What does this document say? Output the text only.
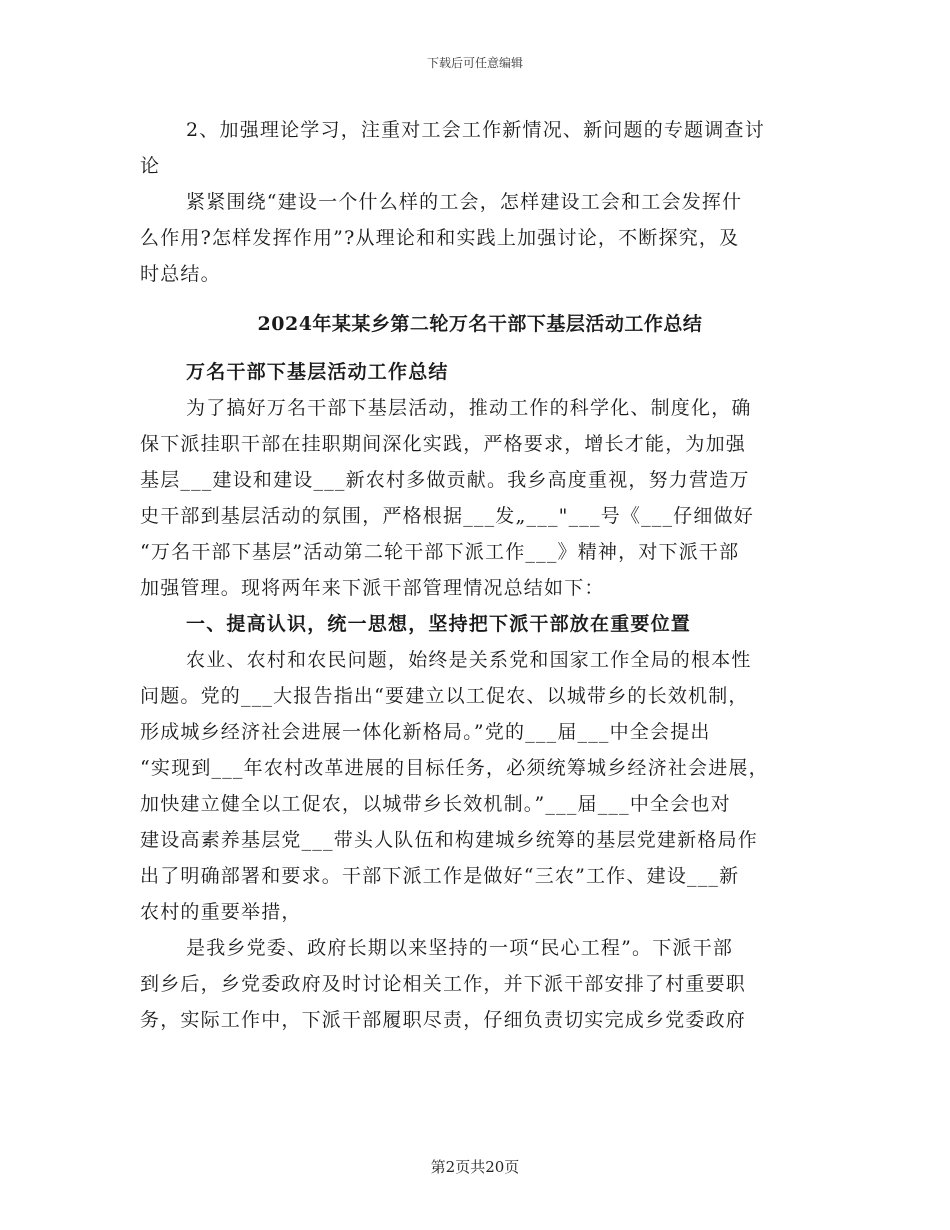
下载后可任意编辑
2、加强理论学习，注重对工会工作新情况、新问题的专题调查讨
论
紧紧围绕“建设一个什么样的工会，怎样建设工会和工会发挥什
么作用?怎样发挥作用”?从理论和和实践上加强讨论，不断探究，及
时总结。
2024年某某乡第二轮万名干部下基层活动工作总结
万名干部下基层活动工作总结
为了搞好万名干部下基层活动，推动工作的科学化、制度化，确
保下派挂职干部在挂职期间深化实践，严格要求，增长才能，为加强
基层___建设和建设___新农村多做贡献。我乡高度重视，努力营造万
史干部到基层活动的氛围，严格根据___发„___"___号《___仔细做好
“万名干部下基层”活动第二轮干部下派工作___》精神，对下派干部
加强管理。现将两年来下派干部管理情况总结如下：
一、提高认识，统一思想，坚持把下派干部放在重要位置
农业、农村和农民问题，始终是关系党和国家工作全局的根本性
问题。党的___大报告指出“要建立以工促农、以城带乡的长效机制，
形成城乡经济社会进展一体化新格局。”党的___届___中全会提出
“实现到___年农村改革进展的目标任务，必须统筹城乡经济社会进展，
加快建立健全以工促农，以城带乡长效机制。”___届___中全会也对
建设高素养基层党___带头人队伍和构建城乡统筹的基层党建新格局作
出了明确部署和要求。干部下派工作是做好“三农”工作、建设___新
农村的重要举措，
是我乡党委、政府长期以来坚持的一项“民心工程”。下派干部
到乡后，乡党委政府及时讨论相关工作，并下派干部安排了村重要职
务，实际工作中，下派干部履职尽责，仔细负责切实完成乡党委政府
第2页共20页
